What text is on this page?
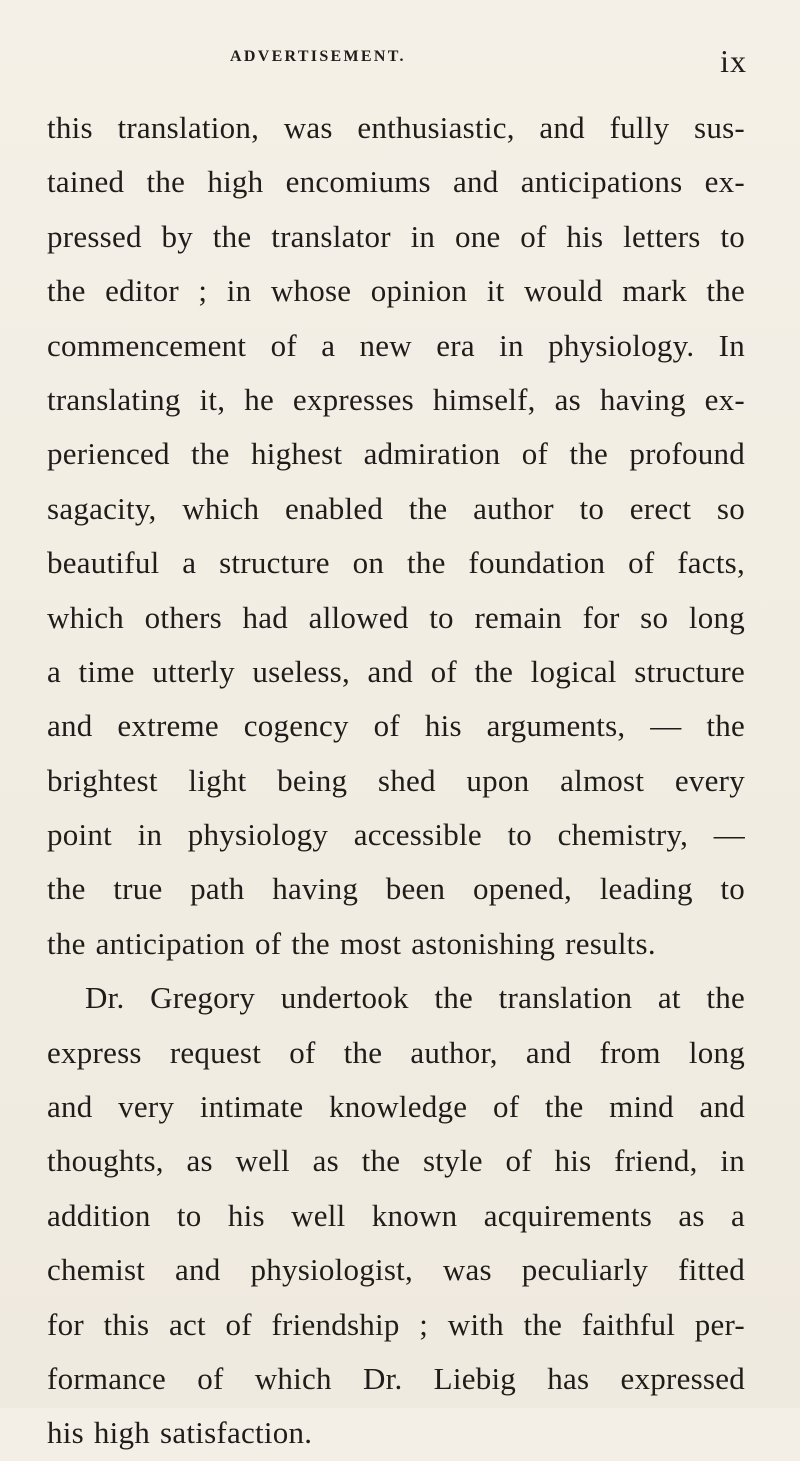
ADVERTISEMENT.	ix
this translation, was enthusiastic, and fully sus-
tained the high encomiums and anticipations ex-
pressed by the translator in one of his letters to
the editor ; in whose opinion it would mark the
commencement of a new era in physiology. In
translating it, he expresses himself, as having ex-
perienced the highest admiration of the profound
sagacity, which enabled the author to erect so
beautiful a structure on the foundation of facts,
which others had allowed to remain for so long
a time utterly useless, and of the logical structure
and extreme cogency of his arguments, — the
brightest light being shed upon almost every
point in physiology accessible to chemistry, —
the true path having been opened, leading to
the anticipation of the most astonishing results.
Dr. Gregory undertook the translation at the
express request of the author, and from long
and very intimate knowledge of the mind and
thoughts, as well as the style of his friend, in
addition to his well known acquirements as a
chemist and physiologist, was peculiarly fitted
for this act of friendship ; with the faithful per-
formance of which Dr. Liebig has expressed
his high satisfaction.
